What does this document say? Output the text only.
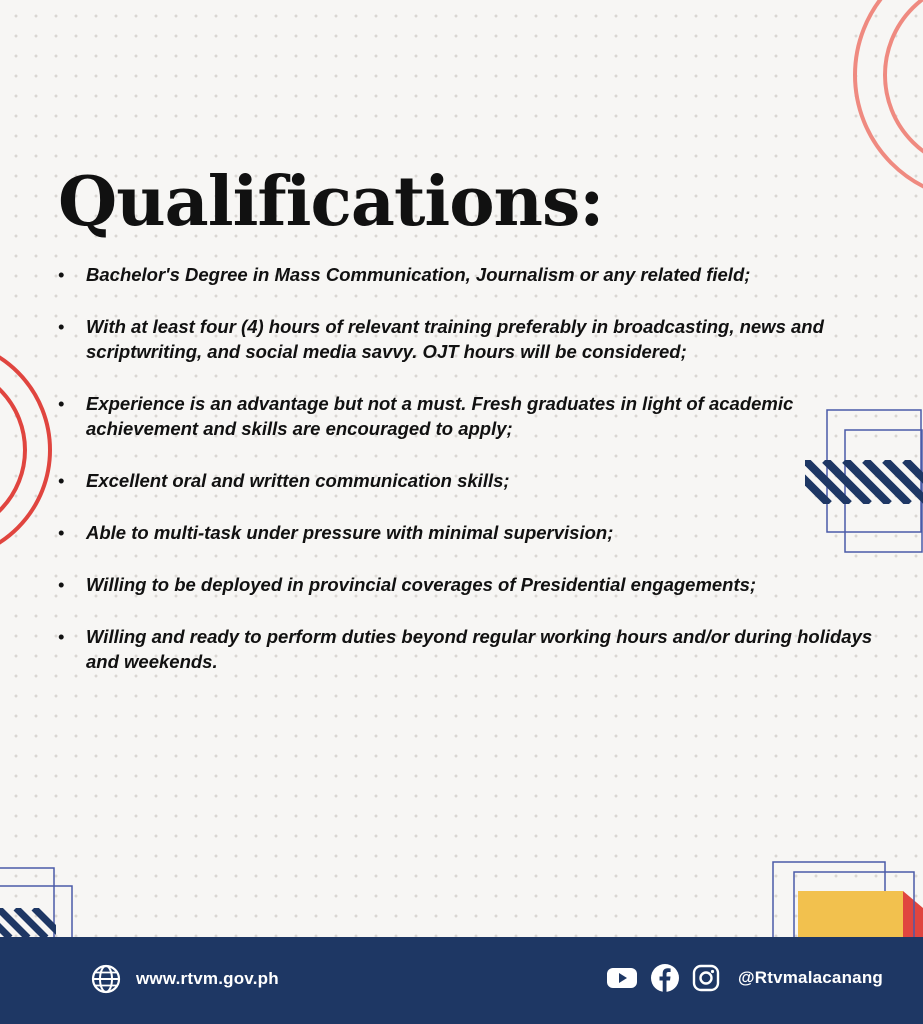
Qualifications:
• Bachelor's Degree in Mass Communication, Journalism or any related field;
• With at least four (4) hours of relevant training preferably in broadcasting, news and scriptwriting, and social media savvy. OJT hours will be considered;
• Experience is an advantage but not a must. Fresh graduates in light of academic achievement and skills are encouraged to apply;
• Excellent oral and written communication skills;
• Able to multi-task under pressure with minimal supervision;
• Willing to be deployed in provincial coverages of Presidential engagements;
• Willing and ready to perform duties beyond regular working hours and/or during holidays and weekends.
www.rtvm.gov.ph	@Rtvmalacanang
